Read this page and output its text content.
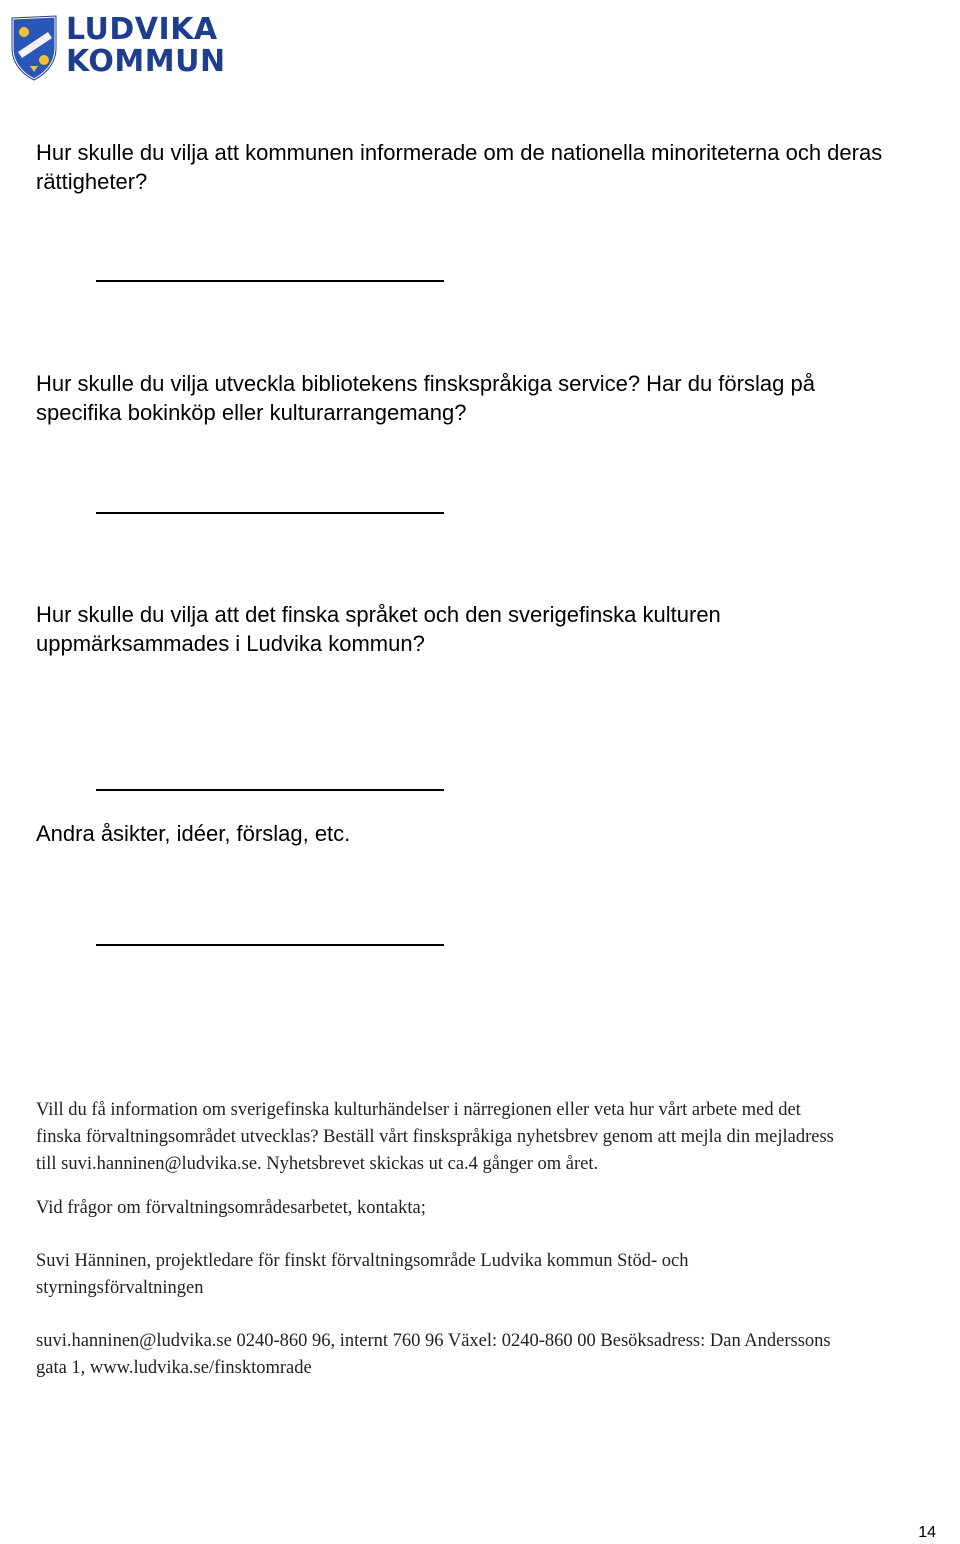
LUDVIKA
KOMMUN
Hur skulle du vilja att kommunen informerade om de nationella minoriteterna och deras
rättigheter?
Hur skulle du vilja utveckla bibliotekens finskspråkiga service? Har du förslag på
specifika bokinköp eller kulturarrangemang?
Hur skulle du vilja att det finska språket och den sverigefinska kulturen
uppmärksammades i Ludvika kommun?
Andra åsikter, idéer, förslag, etc.
Vill du få information om sverigefinska kulturhändelser i närregionen eller veta hur vårt arbete med det
finska förvaltningsområdet utvecklas? Beställ vårt finskspråkiga nyhetsbrev genom att mejla din mejladress
till suvi.hanninen@ludvika.se. Nyhetsbrevet skickas ut ca.4 gånger om året.
Vid frågor om förvaltningsområdesarbetet, kontakta;
Suvi Hänninen, projektledare för finskt förvaltningsområde Ludvika kommun Stöd- och
styrningsförvaltningen
suvi.hanninen@ludvika.se 0240-860 96, internt 760 96 Växel: 0240-860 00 Besöksadress: Dan Anderssons
gata 1, www.ludvika.se/finsktomrade
14
